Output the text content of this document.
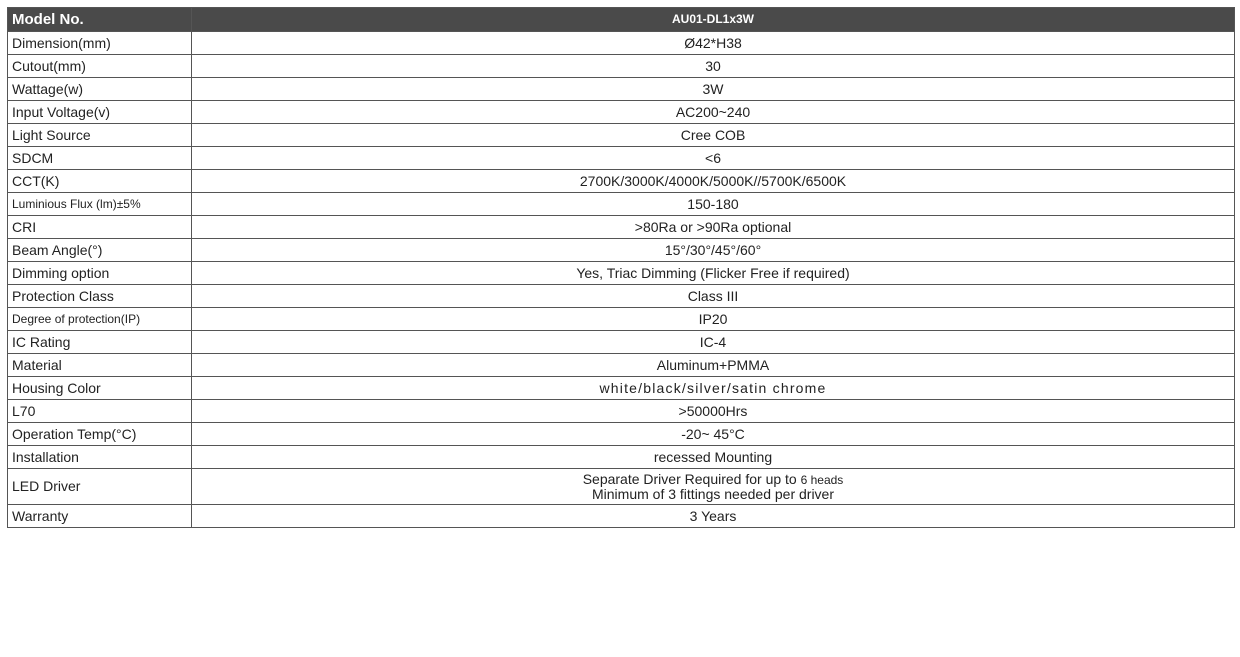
Model No.	AU01-DL1x3W
Dimension(mm)	Ø42*H38
Cutout(mm)	30
Wattage(w)	3W
Input Voltage(v)	AC200~240
Light Source	Cree COB
SDCM	<6
CCT(K)	2700K/3000K/4000K/5000K//5700K/6500K
Luminious Flux (lm)±5%	150-180
CRI	>80Ra or >90Ra optional
Beam Angle(°)	15°/30°/45°/60°
Dimming option	Yes, Triac Dimming (Flicker Free if required)
Protection Class	Class III
Degree of protection(IP)	IP20
IC Rating	IC-4
Material	Aluminum+PMMA
Housing Color	white/black/silver/satin chrome
L70	>50000Hrs
Operation Temp(°C)	-20~ 45°C
Installation	recessed Mounting
LED Driver	Separate Driver Required for up to 6 heads
Minimum of 3 fittings needed per driver

Warranty	3 Years
